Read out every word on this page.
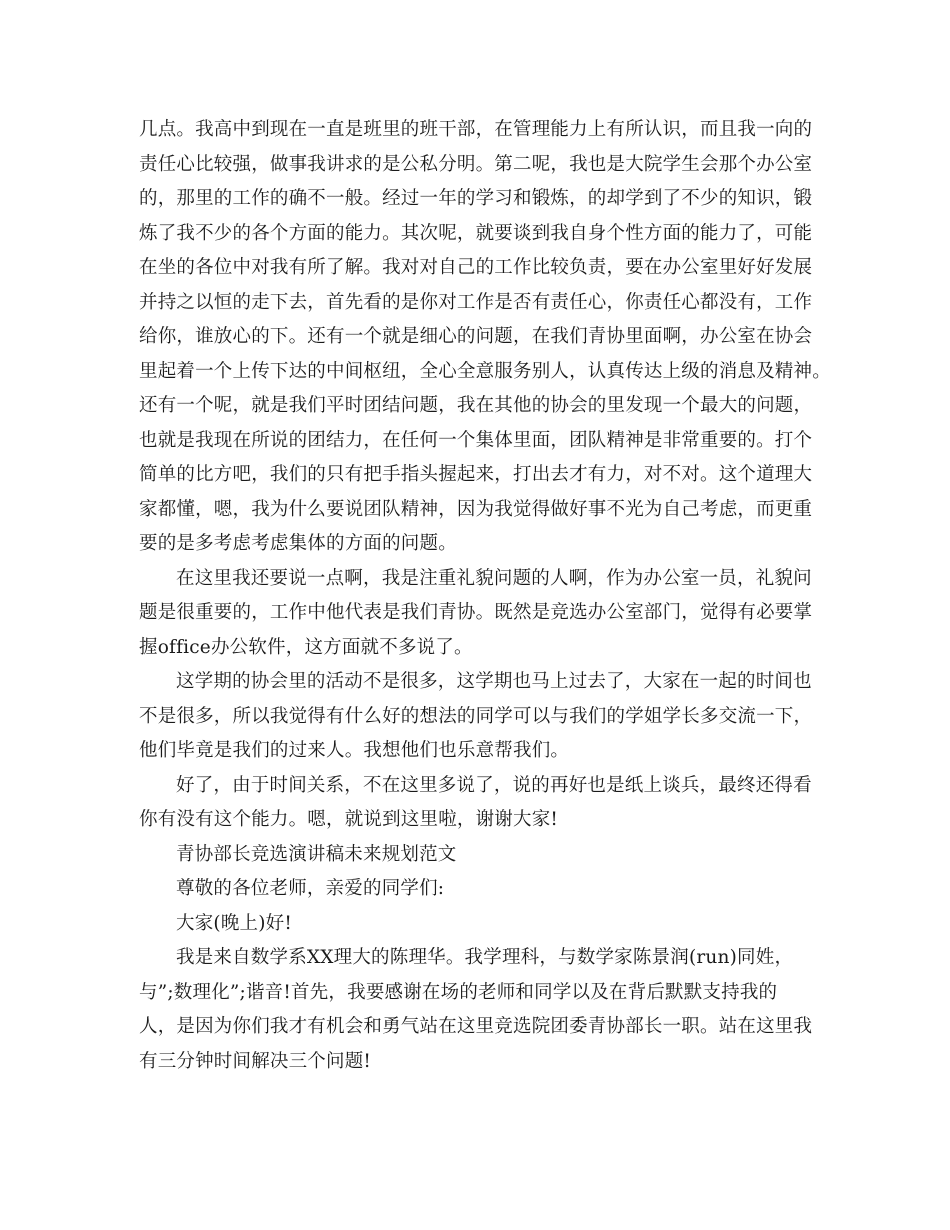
几点。我高中到现在一直是班里的班干部，在管理能力上有所认识，而且我一向的
责任心比较强，做事我讲求的是公私分明。第二呢，我也是大院学生会那个办公室
的，那里的工作的确不一般。经过一年的学习和锻炼，的却学到了不少的知识，锻
炼了我不少的各个方面的能力。其次呢，就要谈到我自身个性方面的能力了，可能
在坐的各位中对我有所了解。我对对自己的工作比较负责，要在办公室里好好发展
并持之以恒的走下去，首先看的是你对工作是否有责任心，你责任心都没有，工作
给你，谁放心的下。还有一个就是细心的问题，在我们青协里面啊，办公室在协会
里起着一个上传下达的中间枢纽，全心全意服务别人，认真传达上级的消息及精神。
还有一个呢，就是我们平时团结问题，我在其他的协会的里发现一个最大的问题，
也就是我现在所说的团结力，在任何一个集体里面，团队精神是非常重要的。打个
简单的比方吧，我们的只有把手指头握起来，打出去才有力，对不对。这个道理大
家都懂，嗯，我为什么要说团队精神，因为我觉得做好事不光为自己考虑，而更重
要的是多考虑考虑集体的方面的问题。
在这里我还要说一点啊，我是注重礼貌问题的人啊，作为办公室一员，礼貌问
题是很重要的，工作中他代表是我们青协。既然是竞选办公室部门，觉得有必要掌
握office办公软件，这方面就不多说了。
这学期的协会里的活动不是很多，这学期也马上过去了，大家在一起的时间也
不是很多，所以我觉得有什么好的想法的同学可以与我们的学姐学长多交流一下，
他们毕竟是我们的过来人。我想他们也乐意帮我们。
好了，由于时间关系，不在这里多说了，说的再好也是纸上谈兵，最终还得看
你有没有这个能力。嗯，就说到这里啦，谢谢大家!
青协部长竞选演讲稿未来规划范文
尊敬的各位老师，亲爱的同学们:
大家(晚上)好!
我是来自数学系XX理大的陈理华。我学理科，与数学家陈景润(run)同姓，
与”;数理化”;谐音!首先，我要感谢在场的老师和同学以及在背后默默支持我的
人，是因为你们我才有机会和勇气站在这里竞选院团委青协部长一职。站在这里我
有三分钟时间解决三个问题!
